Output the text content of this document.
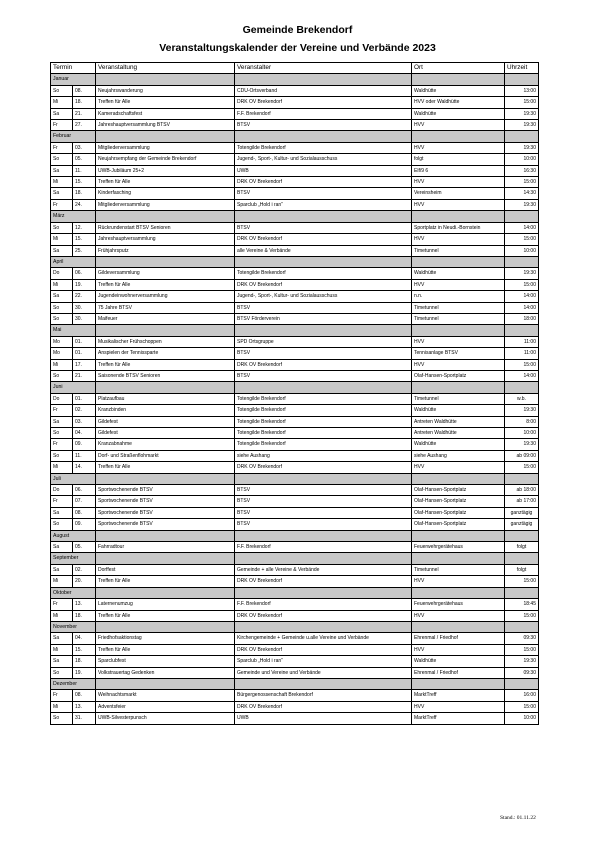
Gemeinde Brekendorf
Veranstaltungskalender der Vereine und Verbände 2023
Termin		Veranstaltung	Veranstalter	Ort	Uhrzeit
Januar					
So	08.	Neujahrswanderung	CDU-Ortsverband	Waldhütte	13:00
Mi	18.	Treffen für Alle	DRK OV Brekendorf	HVV oder Waldhütte	15:00
Sa	21.	Kameradschaftsfest	F.F. Brekendorf	Waldhütte	19:30
Fr	27.	Jahreshauptversammlung BTSV	BTSV	HVV	19:30
Februar					
Fr	03.	Mitgliederversammlung	Totengilde Brekendorf	HVV	19:30
So	05.	Neujahrsempfang der Gemeinde Brekendorf	Jugend-, Sport-, Kultur- und Sozialausschuss	folgt	10:00
Sa	11.	UWB-Jubiläum 25+2	UWB	Elf/9 6	16:30
Mi	15.	Treffen für Alle	DRK OV Brekendorf	HVV	15:00
Sa	18.	Kinderfasching	BTSV	Vereinsheim	14:30
Fr	24.	Mitgliederversammlung	Sparclub „Hold i ran“	HVV	19:30
März					
So	12.	Rückrundenstart BTSV Senioren	BTSV	Sportplatz in Neudi.-Bornstein	14:00
Mi	15.	Jahreshauptversammlung	DRK OV Brekendorf	HVV	15:00
Sa	25.	Frühjahrsputz	alle Vereine & Verbände	Timetunnel	10:00
April					
Do	06.	Gildeversammlung	Totengilde Brekendorf	Waldhütte	19:30
Mi	19.	Treffen für Alle	DRK OV Brekendorf	HVV	15:00
Sa	22.	Jugendeinwohnerversammlung	Jugend-, Sport-, Kultur- und Sozialausschuss	n.n.	14:00
So	30.	75 Jahre BTSV	BTSV	Timetunnel	14:00
So	30.	Maifeuer	BTSV Förderverein	Timetunnel	18:00
Mai					
Mo	01.	Musikalischer Frühschoppen	SPD Ortsgruppe	HVV	11:00
Mo	01.	Anspielen der Tennissparte	BTSV	Tennisanlage BTSV	11:00
Mi	17.	Treffen für Alle	DRK OV Brekendorf	HVV	15:00
So	21.	Saisonende BTSV Senioren	BTSV	Olaf-Hansen-Sportplatz	14:00
Juni					
Do	01.	Platzaufbau	Totengilde Brekendorf	Timetunnel	w.b.
Fr	02.	Kranzbinden	Totengilde Brekendorf	Waldhütte	19:30
Sa	03.	Gildefest	Totengilde Brekendorf	Antreten Waldhütte	8:00
So	04.	Gildefest	Totengilde Brekendorf	Antreten Waldhütte	10:00
Fr	09.	Kranzabnahme	Totengilde Brekendorf	Waldhütte	19:30
So	11.	Dorf- und Straßenflohmarkt	siehe Aushang	siehe Aushang	ab 09:00
Mi	14.	Treffen für Alle	DRK OV Brekendorf	HVV	15:00
Juli					
Do	06.	Sportwochenende BTSV	BTSV	Olaf-Hansen-Sportplatz	ab 18:00
Fr	07.	Sportwochenende BTSV	BTSV	Olaf-Hansen-Sportplatz	ab 17:00
Sa	08.	Sportwochenende BTSV	BTSV	Olaf-Hansen-Sportplatz	ganztägig
So	09.	Sportwochenende BTSV	BTSV	Olaf-Hansen-Sportplatz	ganztägig
August					
Sa	05.	Fahrradtour	F.F. Brekendorf	Feuerwehrgerätehaus	folgt
September					
Sa	02.	Dorffest	Gemeinde + alle Vereine & Verbände	Timetunnel	folgt
Mi	20.	Treffen für Alle	DRK OV Brekendorf	HVV	15:00
Oktober					
Fr	13.	Laternenumzug	F.F. Brekendorf	Feuerwehrgerätehaus	18:45
Mi	18.	Treffen für Alle	DRK OV Brekendorf	HVV	15:00
November					
Sa	04.	Friedhofsaktionstag	Kirchengemeinde + Gemeinde u.alle Vereine und Verbände	Ehrenmal / Friedhof	09:30
Mi	15.	Treffen für Alle	DRK OV Brekendorf	HVV	15:00
Sa	18.	Sparclubfest	Sparclub „Hold i ran“	Waldhütte	19:30
So	19.	Volkstrauertag Gedenken	Gemeinde und Vereine und Verbände	Ehrenmal / Friedhof	09:30
Dezember					
Fr	08.	Weihnachtsmarkt	Bürgergenossenschaft Brekendorf	MarktTreff	16:00
Mi	13.	Adventsfeier	DRK OV Brekendorf	HVV	15:00
So	31.	UWB-Silvesterpunsch	UWB	MarktTreff	10:00
Stand.: 01.11.22
